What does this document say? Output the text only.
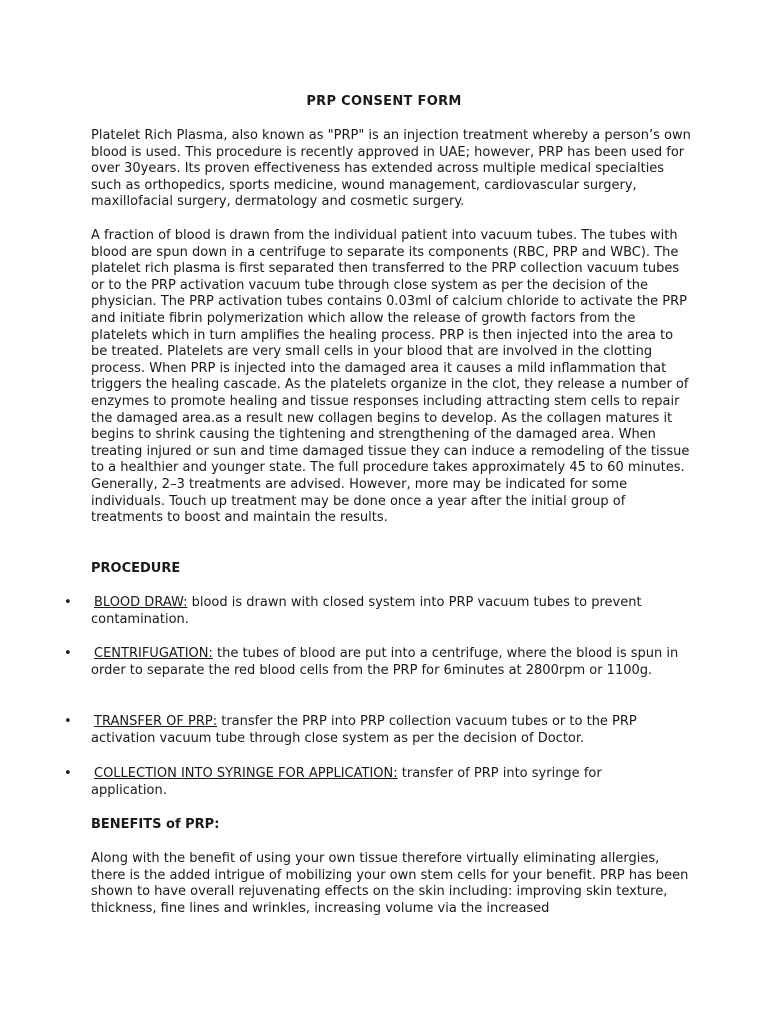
PRP CONSENT FORM
Platelet Rich Plasma, also known as "PRP" is an injection treatment whereby a person’s own blood is used. This procedure is recently approved in UAE; however, PRP has been used for over 30years. Its proven effectiveness has extended across multiple medical specialties such as orthopedics, sports medicine, wound management, cardiovascular surgery, maxillofacial surgery, dermatology and cosmetic surgery.
A fraction of blood is drawn from the individual patient into vacuum tubes. The tubes with blood are spun down in a centrifuge to separate its components (RBC, PRP and WBC). The platelet rich plasma is first separated then transferred to the PRP collection vacuum tubes or to the PRP activation vacuum tube through close system as per the decision of the physician. The PRP activation tubes contains 0.03ml of calcium chloride to activate the PRP and initiate fibrin polymerization which allow the release of growth factors from the platelets which in turn amplifies the healing process. PRP is then injected into the area to be treated. Platelets are very small cells in your blood that are involved in the clotting process. When PRP is injected into the damaged area it causes a mild inflammation that triggers the healing cascade. As the platelets organize in the clot, they release a number of enzymes to promote healing and tissue responses including attracting stem cells to repair the damaged area.as a result new collagen begins to develop. As the collagen matures it begins to shrink causing the tightening and strengthening of the damaged area. When treating injured or sun and time damaged tissue they can induce a remodeling of the tissue to a healthier and younger state. The full procedure takes approximately 45 to 60 minutes. Generally, 2–3 treatments are advised. However, more may be indicated for some individuals. Touch up treatment may be done once a year after the initial group of treatments to boost and maintain the results.
PROCEDURE
• BLOOD DRAW: blood is drawn with closed system into PRP vacuum tubes to prevent contamination.
• CENTRIFUGATION: the tubes of blood are put into a centrifuge, where the blood is spun in order to separate the red blood cells from the PRP for 6minutes at 2800rpm or 1100g.
• TRANSFER OF PRP: transfer the PRP into PRP collection vacuum tubes or to the PRP activation vacuum tube through close system as per the decision of Doctor.
• COLLECTION INTO SYRINGE FOR APPLICATION: transfer of PRP into syringe for application.
BENEFITS of PRP:
Along with the benefit of using your own tissue therefore virtually eliminating allergies, there is the added intrigue of mobilizing your own stem cells for your benefit. PRP has been shown to have overall rejuvenating effects on the skin including: improving skin texture, thickness, fine lines and wrinkles, increasing volume via the increased
